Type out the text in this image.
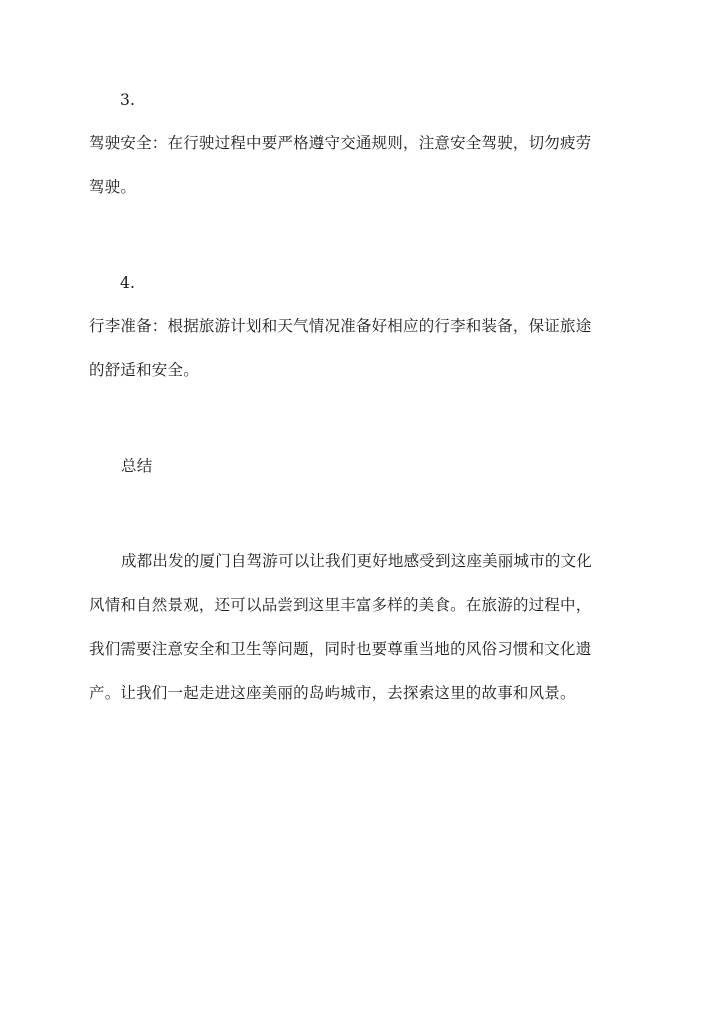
3.
驾驶安全：在行驶过程中要严格遵守交通规则，注意安全驾驶，切勿疲劳
驾驶。
4.
行李准备：根据旅游计划和天气情况准备好相应的行李和装备，保证旅途
的舒适和安全。
总结
成都出发的厦门自驾游可以让我们更好地感受到这座美丽城市的文化
风情和自然景观，还可以品尝到这里丰富多样的美食。在旅游的过程中，
我们需要注意安全和卫生等问题，同时也要尊重当地的风俗习惯和文化遗
产。让我们一起走进这座美丽的岛屿城市，去探索这里的故事和风景。
